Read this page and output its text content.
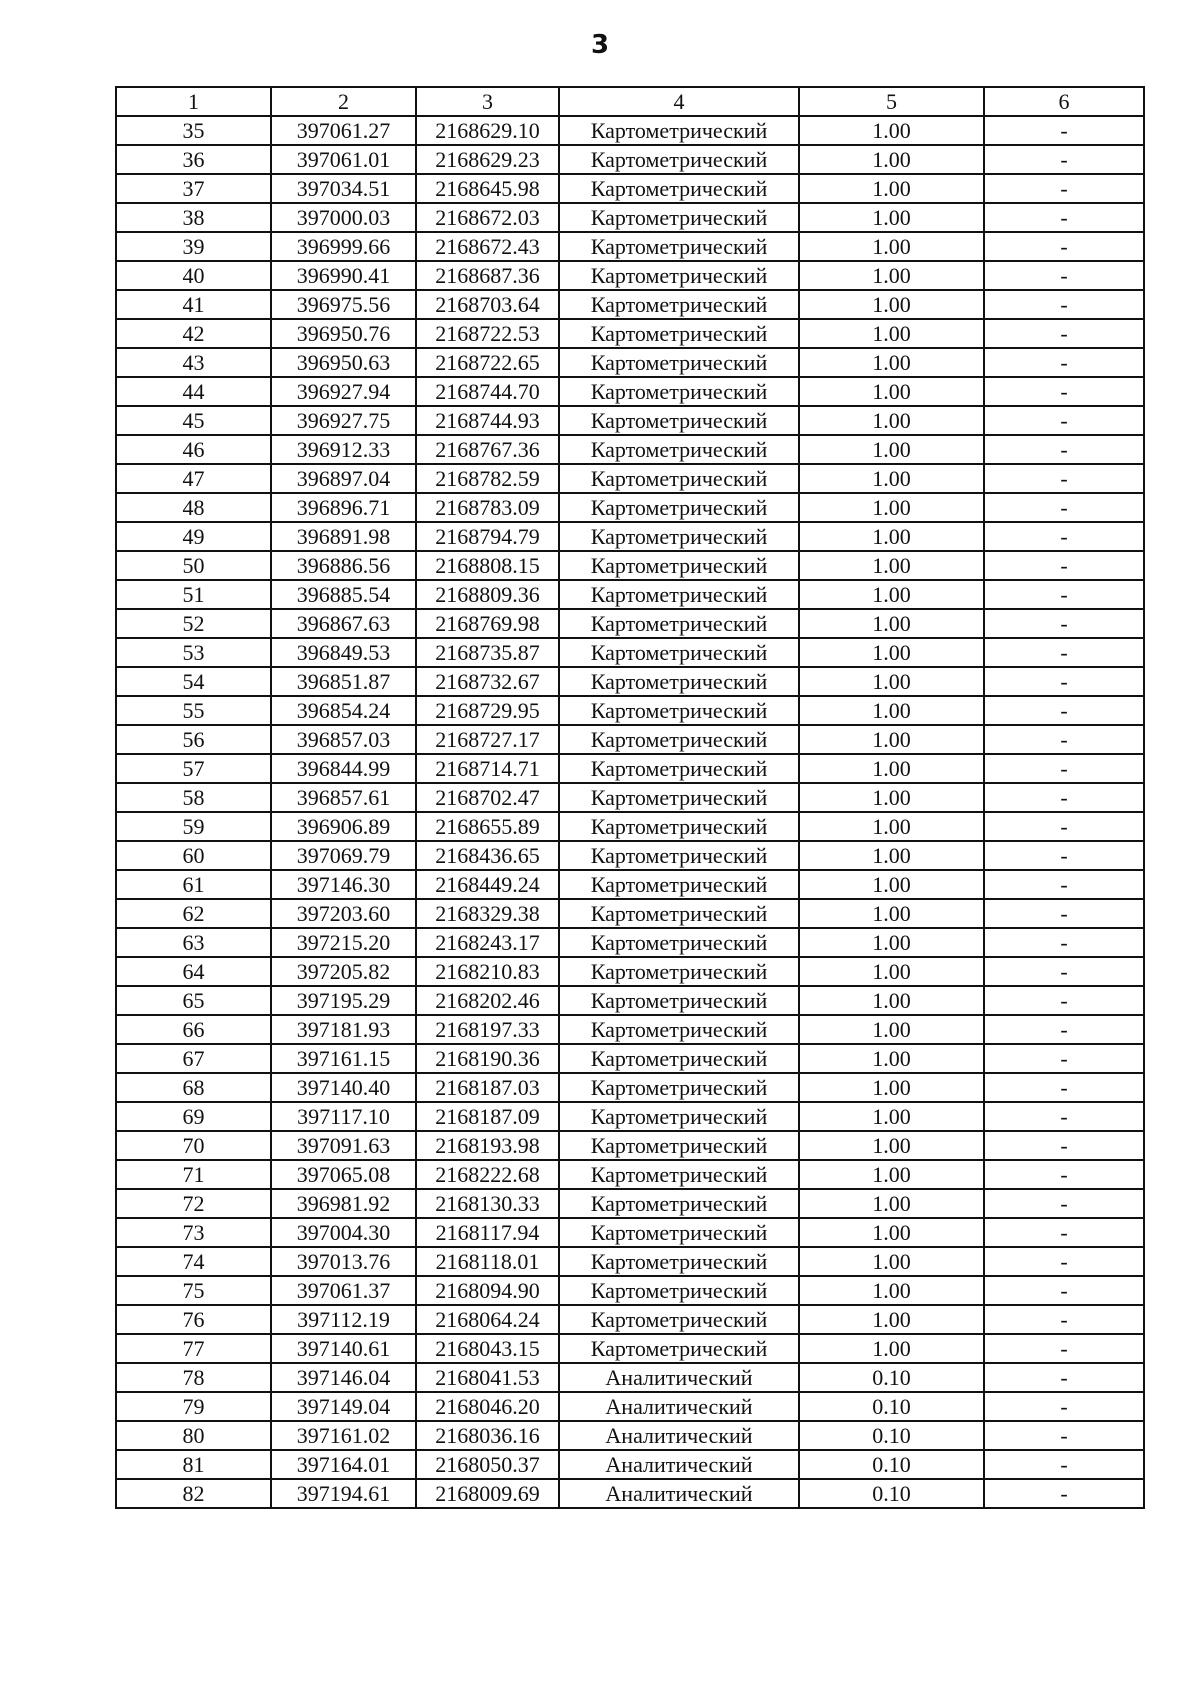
3
1	2	3	4	5	6
35	397061.27	2168629.10	Картометрический	1.00	-
36	397061.01	2168629.23	Картометрический	1.00	-
37	397034.51	2168645.98	Картометрический	1.00	-
38	397000.03	2168672.03	Картометрический	1.00	-
39	396999.66	2168672.43	Картометрический	1.00	-
40	396990.41	2168687.36	Картометрический	1.00	-
41	396975.56	2168703.64	Картометрический	1.00	-
42	396950.76	2168722.53	Картометрический	1.00	-
43	396950.63	2168722.65	Картометрический	1.00	-
44	396927.94	2168744.70	Картометрический	1.00	-
45	396927.75	2168744.93	Картометрический	1.00	-
46	396912.33	2168767.36	Картометрический	1.00	-
47	396897.04	2168782.59	Картометрический	1.00	-
48	396896.71	2168783.09	Картометрический	1.00	-
49	396891.98	2168794.79	Картометрический	1.00	-
50	396886.56	2168808.15	Картометрический	1.00	-
51	396885.54	2168809.36	Картометрический	1.00	-
52	396867.63	2168769.98	Картометрический	1.00	-
53	396849.53	2168735.87	Картометрический	1.00	-
54	396851.87	2168732.67	Картометрический	1.00	-
55	396854.24	2168729.95	Картометрический	1.00	-
56	396857.03	2168727.17	Картометрический	1.00	-
57	396844.99	2168714.71	Картометрический	1.00	-
58	396857.61	2168702.47	Картометрический	1.00	-
59	396906.89	2168655.89	Картометрический	1.00	-
60	397069.79	2168436.65	Картометрический	1.00	-
61	397146.30	2168449.24	Картометрический	1.00	-
62	397203.60	2168329.38	Картометрический	1.00	-
63	397215.20	2168243.17	Картометрический	1.00	-
64	397205.82	2168210.83	Картометрический	1.00	-
65	397195.29	2168202.46	Картометрический	1.00	-
66	397181.93	2168197.33	Картометрический	1.00	-
67	397161.15	2168190.36	Картометрический	1.00	-
68	397140.40	2168187.03	Картометрический	1.00	-
69	397117.10	2168187.09	Картометрический	1.00	-
70	397091.63	2168193.98	Картометрический	1.00	-
71	397065.08	2168222.68	Картометрический	1.00	-
72	396981.92	2168130.33	Картометрический	1.00	-
73	397004.30	2168117.94	Картометрический	1.00	-
74	397013.76	2168118.01	Картометрический	1.00	-
75	397061.37	2168094.90	Картометрический	1.00	-
76	397112.19	2168064.24	Картометрический	1.00	-
77	397140.61	2168043.15	Картометрический	1.00	-
78	397146.04	2168041.53	Аналитический	0.10	-
79	397149.04	2168046.20	Аналитический	0.10	-
80	397161.02	2168036.16	Аналитический	0.10	-
81	397164.01	2168050.37	Аналитический	0.10	-
82	397194.61	2168009.69	Аналитический	0.10	-
